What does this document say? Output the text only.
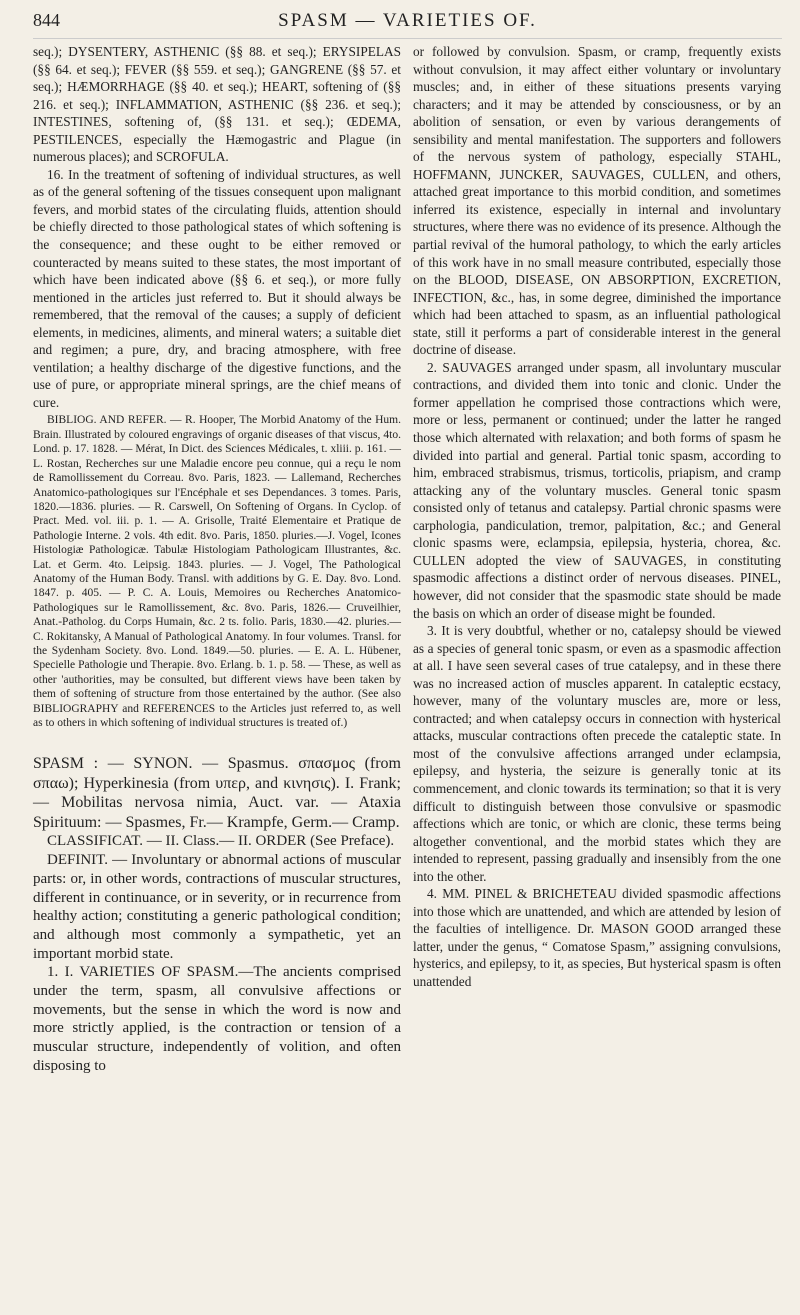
844	SPASM — VARIETIES OF.

seq.); DYSENTERY, ASTHENIC (§§ 88. et seq.); ERYSIPELAS (§§ 64. et seq.); FEVER (§§ 559. et seq.); GANGRENE (§§ 57. et seq.); HÆMORRHAGE (§§ 40. et seq.); HEART, softening of (§§ 216. et seq.); INFLAMMATION, ASTHENIC (§§ 236. et seq.); INTESTINES, softening of, (§§ 131. et seq.); ŒDEMA, PESTILENCES, especially the Hæmogastric and Plague (in numerous places); and SCROFULA.

16. In the treatment of softening of individual structures, as well as of the general softening of the tissues consequent upon malignant fevers, and morbid states of the circulating fluids, attention should be chiefly directed to those pathological states of which softening is the consequence; and these ought to be either removed or counteracted by means suited to these states, the most important of which have been indicated above (§§ 6. et seq.), or more fully mentioned in the articles just referred to. But it should always be remembered, that the removal of the causes; a supply of deficient elements, in medicines, aliments, and mineral waters; a suitable diet and regimen; a pure, dry, and bracing atmosphere, with free ventilation; a healthy discharge of the digestive functions, and the use of pure, or appropriate mineral springs, are the chief means of cure.

BIBLIOG. AND REFER. — R. Hooper, The Morbid Anatomy of the Hum. Brain. Illustrated by coloured engravings of organic diseases of that viscus, 4to. Lond. p. 17. 1828. — Mérat, In Dict. des Sciences Médicales, t. xliii. p. 161. — L. Rostan, Recherches sur une Maladie encore peu connue, qui a reçu le nom de Ramollissement du Correau. 8vo. Paris, 1823. — Lallemand, Recherches Anatomico-pathologiques sur l'Encéphale et ses Dependances. 3 tomes. Paris, 1820.—1836. pluries. — R. Carswell, On Softening of Organs. In Cyclop. of Pract. Med. vol. iii. p. 1. — A. Grisolle, Traité Elementaire et Pratique de Pathologie Interne. 2 vols. 4th edit. 8vo. Paris, 1850. pluries.—J. Vogel, Icones Histologiæ Pathologicæ. Tabulæ Histologiam Pathologicam Illustrantes, &c. Lat. et Germ. 4to. Leipsig. 1843. pluries. — J. Vogel, The Pathological Anatomy of the Human Body. Transl. with additions by G. E. Day. 8vo. Lond. 1847. p. 405. — P. C. A. Louis, Memoires ou Recherches Anatomico-Pathologiques sur le Ramollissement, &c. 8vo. Paris, 1826.— Cruveilhier, Anat.-Patholog. du Corps Humain, &c. 2 ts. folio. Paris, 1830.—42. pluries.—C. Rokitansky, A Manual of Pathological Anatomy. In four volumes. Transl. for the Sydenham Society. 8vo. Lond. 1849.—50. pluries. — E. A. L. Hübener, Specielle Pathologie und Therapie. 8vo. Erlang. b. 1. p. 58. — These, as well as other 'authorities, may be consulted, but different views have been taken by them of softening of structure from those entertained by the author. (See also BIBLIOGRAPHY and REFERENCES to the Articles just referred to, as well as to others in which softening of individual structures is treated of.)

SPASM : — SYNON. — Spasmus. σπασμος (from σπαω); Hyperkinesia (from υπερ, and κινησις). I. Frank; — Mobilitas nervosa nimia, Auct. var. — Ataxia Spirituum: — Spasmes, Fr.— Krampfe, Germ.— Cramp.

CLASSIFICAT. — II. Class.— II. ORDER (See Preface).

DEFINIT. — Involuntary or abnormal actions of muscular parts: or, in other words, contractions of muscular structures, different in continuance, or in severity, or in recurrence from healthy action; constituting a generic pathological condition; and although most commonly a sympathetic, yet an important morbid state.

1. I. VARIETIES OF SPASM.—The ancients comprised under the term, spasm, all convulsive affections or movements, but the sense in which the word is now and more strictly applied, is the contraction or tension of a muscular structure, independently of volition, and often disposing to

or followed by convulsion. Spasm, or cramp, frequently exists without convulsion, it may affect either voluntary or involuntary muscles; and, in either of these situations presents varying characters; and it may be attended by consciousness, or by an abolition of sensation, or even by various derangements of sensibility and mental manifestation. The supporters and followers of the nervous system of pathology, especially STAHL, HOFFMANN, JUNCKER, SAUVAGES, CULLEN, and others, attached great importance to this morbid condition, and sometimes inferred its existence, especially in internal and involuntary structures, where there was no evidence of its presence. Although the partial revival of the humoral pathology, to which the early articles of this work have in no small measure contributed, especially those on the BLOOD, DISEASE, ON ABSORPTION, EXCRETION, INFECTION, &c., has, in some degree, diminished the importance which had been attached to spasm, as an influential pathological state, still it performs a part of considerable interest in the general doctrine of disease.

2. SAUVAGES arranged under spasm, all involuntary muscular contractions, and divided them into tonic and clonic. Under the former appellation he comprised those contractions which were, more or less, permanent or continued; under the latter he ranged those which alternated with relaxation; and both forms of spasm he divided into partial and general. Partial tonic spasm, according to him, embraced strabismus, trismus, torticolis, priapism, and cramp attacking any of the voluntary muscles. General tonic spasm consisted only of tetanus and catalepsy. Partial chronic spasms were carphologia, pandiculation, tremor, palpitation, &c.; and General clonic spasms were, eclampsia, epilepsia, hysteria, chorea, &c. CULLEN adopted the view of SAUVAGES, in constituting spasmodic affections a distinct order of nervous diseases. PINEL, however, did not consider that the spasmodic state should be made the basis on which an order of disease might be founded.

3. It is very doubtful, whether or no, catalepsy should be viewed as a species of general tonic spasm, or even as a spasmodic affection at all. I have seen several cases of true catalepsy, and in these there was no increased action of muscles apparent. In cataleptic ecstacy, however, many of the voluntary muscles are, more or less, contracted; and when catalepsy occurs in connection with hysterical attacks, muscular contractions often precede the cataleptic state. In most of the convulsive affections arranged under eclampsia, epilepsy, and hysteria, the seizure is generally tonic at its commencement, and clonic towards its termination; so that it is very difficult to distinguish between those convulsive or spasmodic affections which are tonic, or which are clonic, these terms being altogether conventional, and the morbid states which they are intended to represent, passing gradually and insensibly from the one into the other.

4. MM. PINEL & BRICHETEAU divided spasmodic affections into those which are unattended, and which are attended by lesion of the faculties of intelligence. Dr. MASON GOOD arranged these latter, under the genus, “ Comatose Spasm,” assigning convulsions, hysterics, and epilepsy, to it, as species, But hysterical spasm is often unattended
